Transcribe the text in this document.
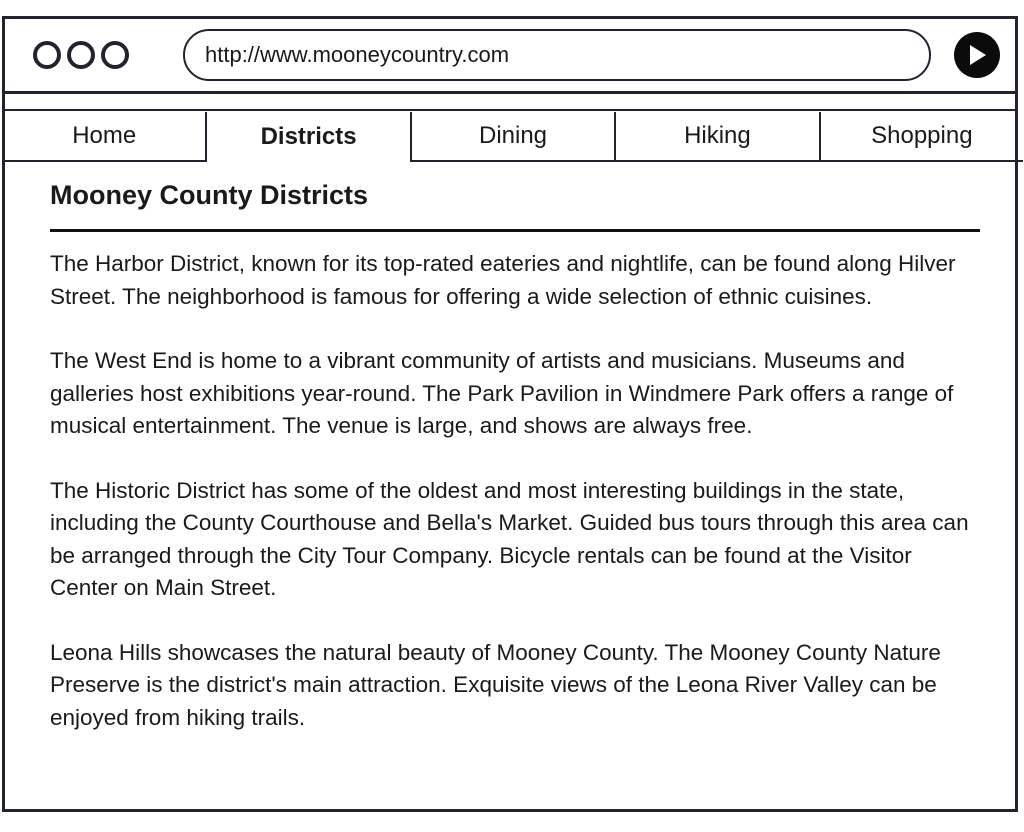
http://www.mooneycountry.com
Home	Districts	Dining	Hiking	Shopping
Mooney County Districts

The Harbor District, known for its top-rated eateries and nightlife, can be found along Hilver Street. The neighborhood is famous for offering a wide selection of ethnic cuisines.

The West End is home to a vibrant community of artists and musicians. Museums and galleries host exhibitions year-round. The Park Pavilion in Windmere Park offers a range of musical entertainment. The venue is large, and shows are always free.

The Historic District has some of the oldest and most interesting buildings in the state, including the County Courthouse and Bella's Market. Guided bus tours through this area can be arranged through the City Tour Company. Bicycle rentals can be found at the Visitor Center on Main Street.

Leona Hills showcases the natural beauty of Mooney County. The Mooney County Nature Preserve is the district's main attraction. Exquisite views of the Leona River Valley can be enjoyed from hiking trails.
